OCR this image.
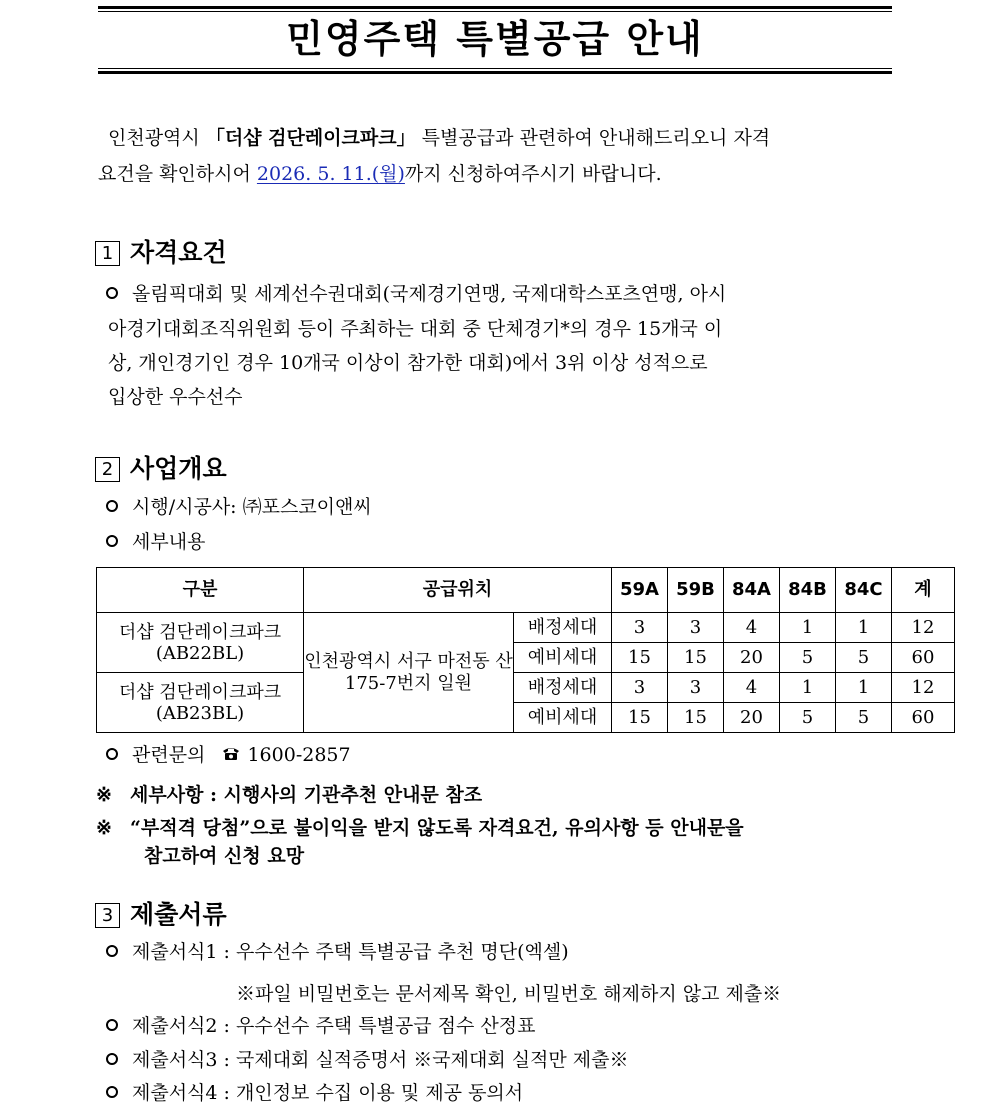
민영주택 특별공급 안내
인천광역시 「더샵 검단레이크파크」 특별공급과 관련하여 안내해드리오니 자격
요건을 확인하시어 2026. 5. 11.(월)까지 신청하여주시기 바랍니다.
1 자격요건
올림픽대회 및 세계선수권대회(국제경기연맹, 국제대학스포츠연맹, 아시
아경기대회조직위원회 등이 주최하는 대회 중 단체경기*의 경우 15개국 이
상, 개인경기인 경우 10개국 이상이 참가한 대회)에서 3위 이상 성적으로
입상한 우수선수
2 사업개요
시행/시공사: ㈜포스코이앤씨
세부내용
구분	공급위치		59A	59B	84A	84B	84C	계

더샵 검단레이크파크
(AB22BL)	인천광역시 서구 마전동 산 175-7번지 일원	배정세대	3	3	4	1	1	12
		예비세대	15	15	20	5	5	60

더샵 검단레이크파크
(AB23BL)		배정세대	3	3	4	1	1	12
		예비세대	15	15	20	5	5	60
관련문의 1600-2857
※ 세부사항 : 시행사의 기관추천 안내문 참조
※ “부적격 당첨”으로 불이익을 받지 않도록 자격요건, 유의사항 등 안내문을
참고하여 신청 요망
3 제출서류
제출서식1 : 우수선수 주택 특별공급 추천 명단(엑셀)
※파일 비밀번호는 문서제목 확인, 비밀번호 해제하지 않고 제출※
제출서식2 : 우수선수 주택 특별공급 점수 산정표
제출서식3 : 국제대회 실적증명서 ※국제대회 실적만 제출※
제출서식4 : 개인정보 수집 이용 및 제공 동의서
